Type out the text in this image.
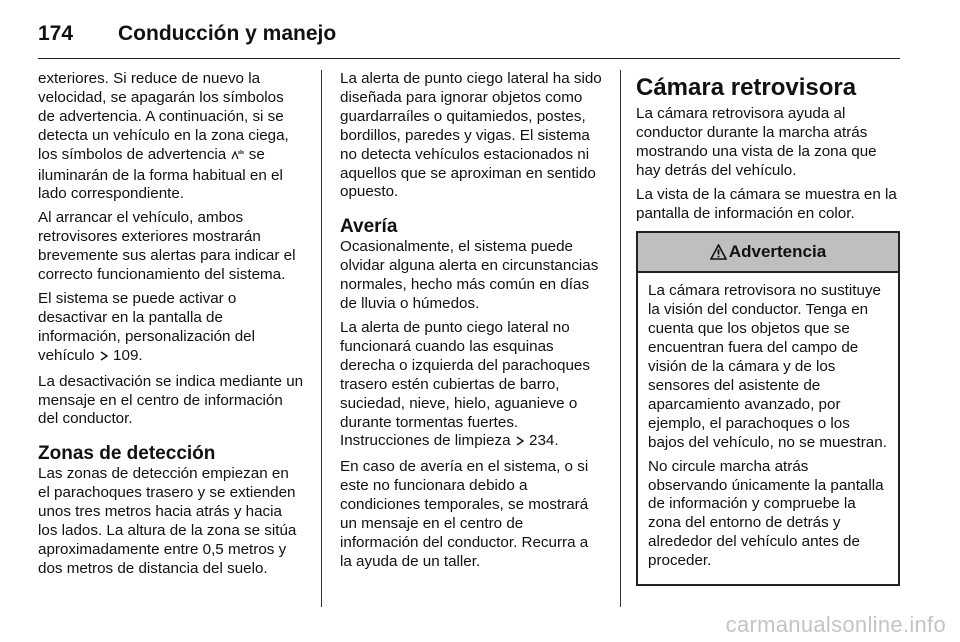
174 Conducción y manejo

exteriores. Si reduce de nuevo la velocidad, se apagarán los símbolos de advertencia. A continuación, si se detecta un vehículo en la zona ciega, los símbolos de advertencia se iluminarán de la forma habitual en el lado correspondiente.

Al arrancar el vehículo, ambos retrovisores exteriores mostrarán brevemente sus alertas para indicar el correcto funcionamiento del sistema.

El sistema se puede activar o desactivar en la pantalla de información, personalización del vehículo 109.

La desactivación se indica mediante un mensaje en el centro de información del conductor.

Zonas de detección

Las zonas de detección empiezan en el parachoques trasero y se extienden unos tres metros hacia atrás y hacia los lados. La altura de la zona se sitúa aproximadamente entre 0,5 metros y dos metros de distancia del suelo.

La alerta de punto ciego lateral ha sido diseñada para ignorar objetos como guardarraíles o quitamiedos, postes, bordillos, paredes y vigas. El sistema no detecta vehículos estacionados ni aquellos que se aproximan en sentido opuesto.

Avería

Ocasionalmente, el sistema puede olvidar alguna alerta en circunstancias normales, hecho más común en días de lluvia o húmedos.

La alerta de punto ciego lateral no funcionará cuando las esquinas derecha o izquierda del parachoques trasero estén cubiertas de barro, suciedad, nieve, hielo, aguanieve o durante tormentas fuertes. Instrucciones de limpieza 234.

En caso de avería en el sistema, o si este no funcionara debido a condiciones temporales, se mostrará un mensaje en el centro de información del conductor. Recurra a la ayuda de un taller.

Cámara retrovisora

La cámara retrovisora ayuda al conductor durante la marcha atrás mostrando una vista de la zona que hay detrás del vehículo.

La vista de la cámara se muestra en la pantalla de información en color.

Advertencia

La cámara retrovisora no sustituye la visión del conductor. Tenga en cuenta que los objetos que se encuentran fuera del campo de visión de la cámara y de los sensores del asistente de aparcamiento avanzado, por ejemplo, el parachoques o los bajos del vehículo, no se muestran.

No circule marcha atrás observando únicamente la pantalla de información y compruebe la zona del entorno de detrás y alrededor del vehículo antes de proceder.

carmanualsonline.info
